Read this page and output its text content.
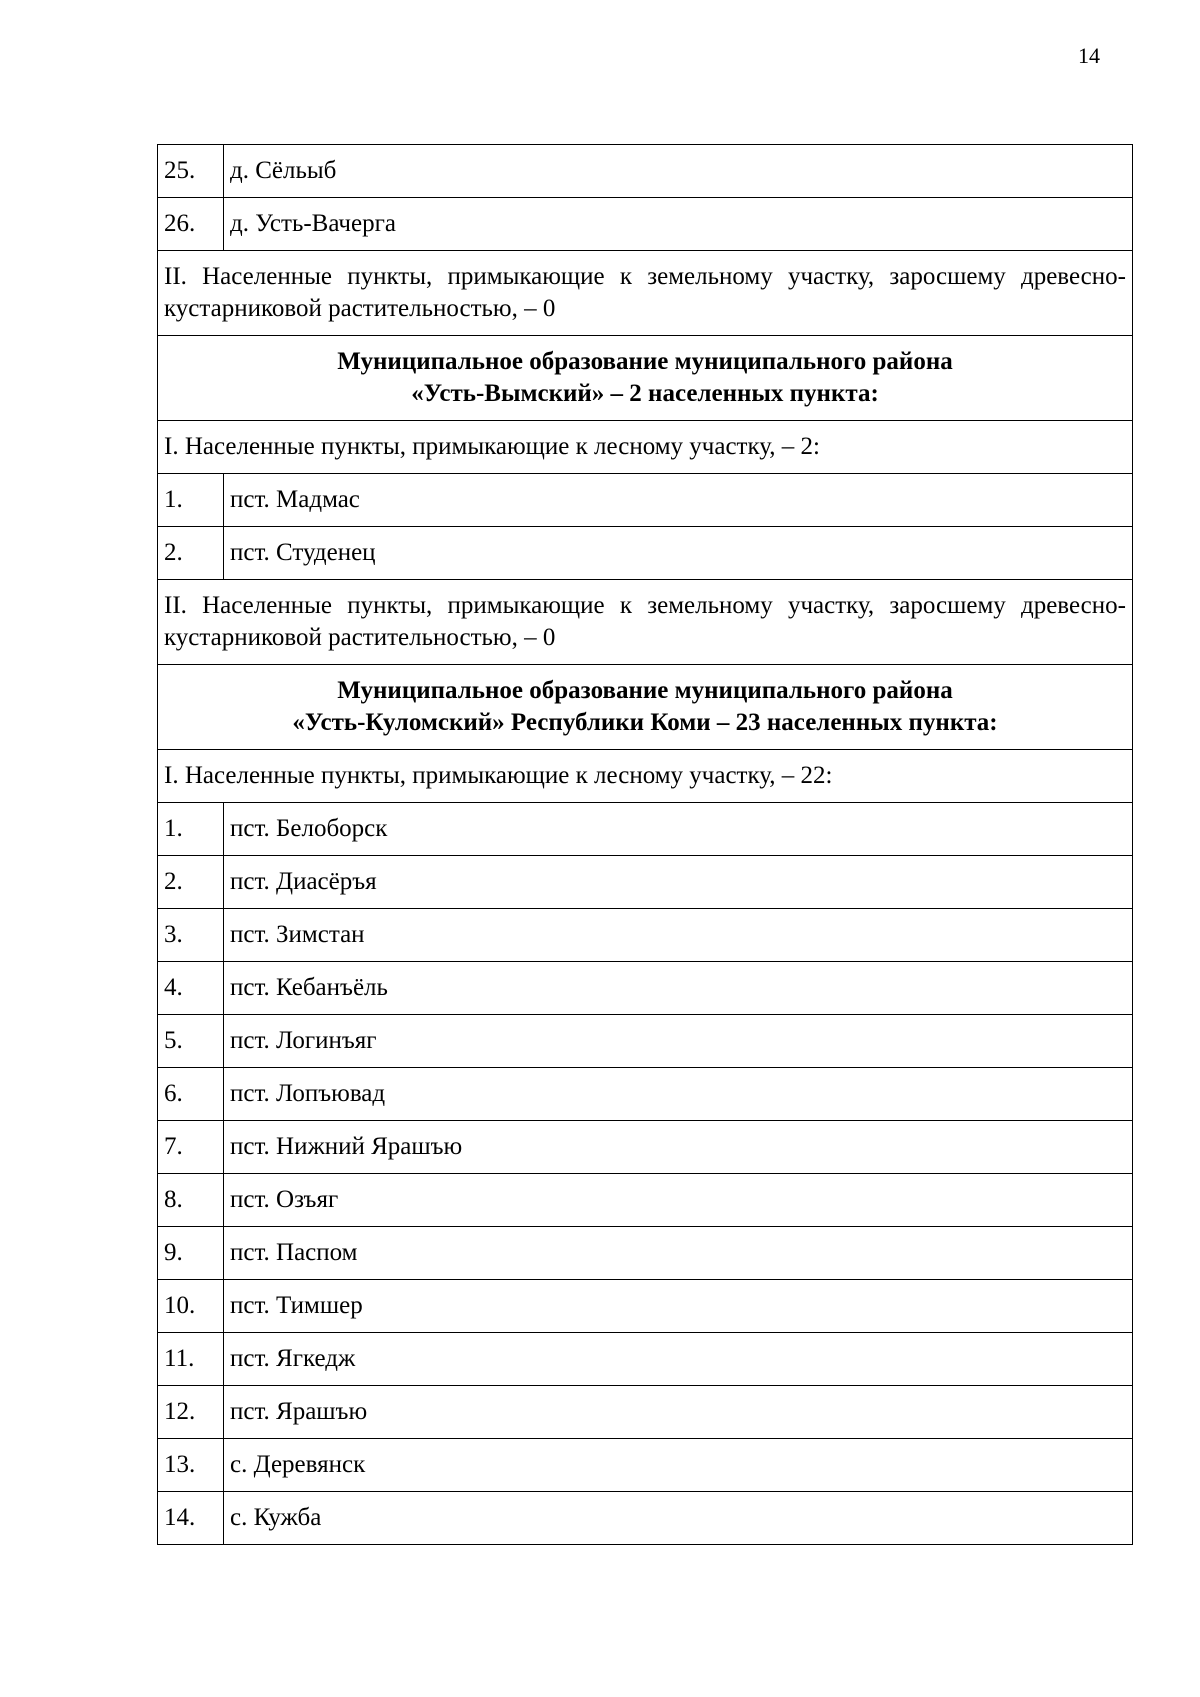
14
25.	д. Сёльыб
26.	д. Усть-Вачерга
II. Населенные пункты, примыкающие к земельному участку, заросшему древесно-кустарниковой растительностью, – 0	

Муниципальное образование муниципального района
«Усть-Вымский» – 2 населенных пункта:	

I. Населенные пункты, примыкающие к лесному участку, – 2:	
1.	пст. Мадмас
2.	пст. Студенец
II. Населенные пункты, примыкающие к земельному участку, заросшему древесно-кустарниковой растительностью, – 0	

Муниципальное образование муниципального района
«Усть-Куломский» Республики Коми – 23 населенных пункта:	

I. Населенные пункты, примыкающие к лесному участку, – 22:	
1.	пст. Белоборск
2.	пст. Диасёръя
3.	пст. Зимстан
4.	пст. Кебанъёль
5.	пст. Логинъяг
6.	пст. Лопъювад
7.	пст. Нижний Ярашъю
8.	пст. Озъяг
9.	пст. Паспом
10.	пст. Тимшер
11.	пст. Ягкедж
12.	пст. Ярашъю
13.	с. Деревянск
14.	с. Кужба
